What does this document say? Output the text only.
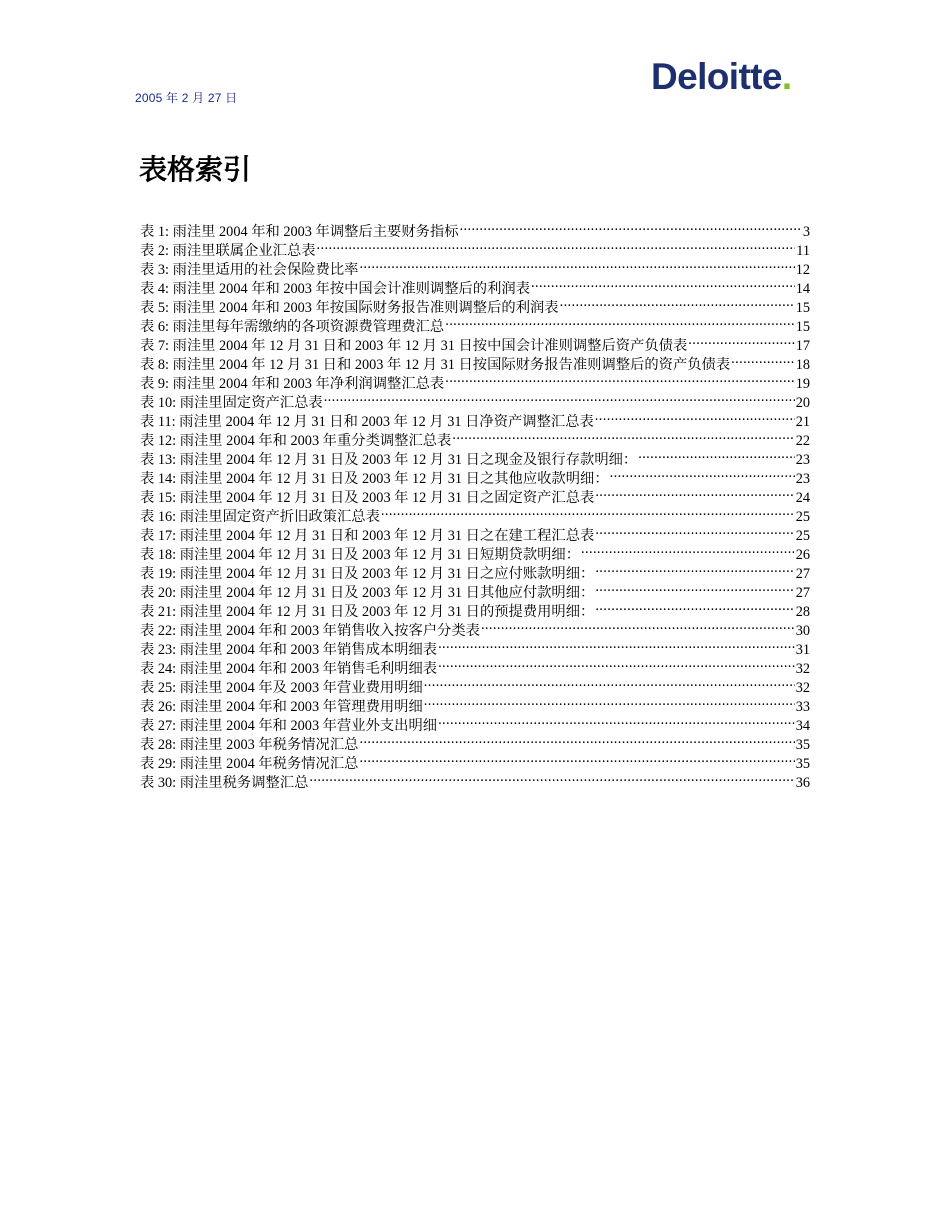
2005 年 2 月 27 日
Deloitte.
表格索引
表 1: 雨洼里 2004 年和 2003 年调整后主要财务指标 .....	3
表 2: 雨洼里联属企业汇总表 .....	11
表 3: 雨洼里适用的社会保险费比率 .....	12
表 4: 雨洼里 2004 年和 2003 年按中国会计准则调整后的利润表 .....	14
表 5: 雨洼里 2004 年和 2003 年按国际财务报告准则调整后的利润表 .....	15
表 6: 雨洼里每年需缴纳的各项资源费管理费汇总 .....	15
表 7: 雨洼里 2004 年 12 月 31 日和 2003 年 12 月 31 日按中国会计准则调整后资产负债表 .....	17
表 8: 雨洼里 2004 年 12 月 31 日和 2003 年 12 月 31 日按国际财务报告准则调整后的资产负债表 .....	18
表 9: 雨洼里 2004 年和 2003 年净利润调整汇总表 .....	19
表 10: 雨洼里固定资产汇总表 .....	20
表 11: 雨洼里 2004 年 12 月 31 日和 2003 年 12 月 31 日净资产调整汇总表 .....	21
表 12: 雨洼里 2004 年和 2003 年重分类调整汇总表 .....	22
表 13: 雨洼里 2004 年 12 月 31 日及 2003 年 12 月 31 日之现金及银行存款明细： .....	23
表 14: 雨洼里 2004 年 12 月 31 日及 2003 年 12 月 31 日之其他应收款明细： .....	23
表 15: 雨洼里 2004 年 12 月 31 日及 2003 年 12 月 31 日之固定资产汇总表 .....	24
表 16: 雨洼里固定资产折旧政策汇总表 .....	25
表 17: 雨洼里 2004 年 12 月 31 日和 2003 年 12 月 31 日之在建工程汇总表 .....	25
表 18: 雨洼里 2004 年 12 月 31 日及 2003 年 12 月 31 日短期贷款明细： .....	26
表 19: 雨洼里 2004 年 12 月 31 日及 2003 年 12 月 31 日之应付账款明细： .....	27
表 20: 雨洼里 2004 年 12 月 31 日及 2003 年 12 月 31 日其他应付款明细： .....	27
表 21: 雨洼里 2004 年 12 月 31 日及 2003 年 12 月 31 日的预提费用明细： .....	28
表 22: 雨洼里 2004 年和 2003 年销售收入按客户分类表 .....	30
表 23: 雨洼里 2004 年和 2003 年销售成本明细表 .....	31
表 24: 雨洼里 2004 年和 2003 年销售毛利明细表 .....	32
表 25: 雨洼里 2004 年及 2003 年营业费用明细 .....	32
表 26: 雨洼里 2004 年和 2003 年管理费用明细 .....	33
表 27: 雨洼里 2004 年和 2003 年营业外支出明细 .....	34
表 28: 雨洼里 2003 年税务情况汇总 .....	35
表 29: 雨洼里 2004 年税务情况汇总 .....	35
表 30: 雨洼里税务调整汇总 .....	36
